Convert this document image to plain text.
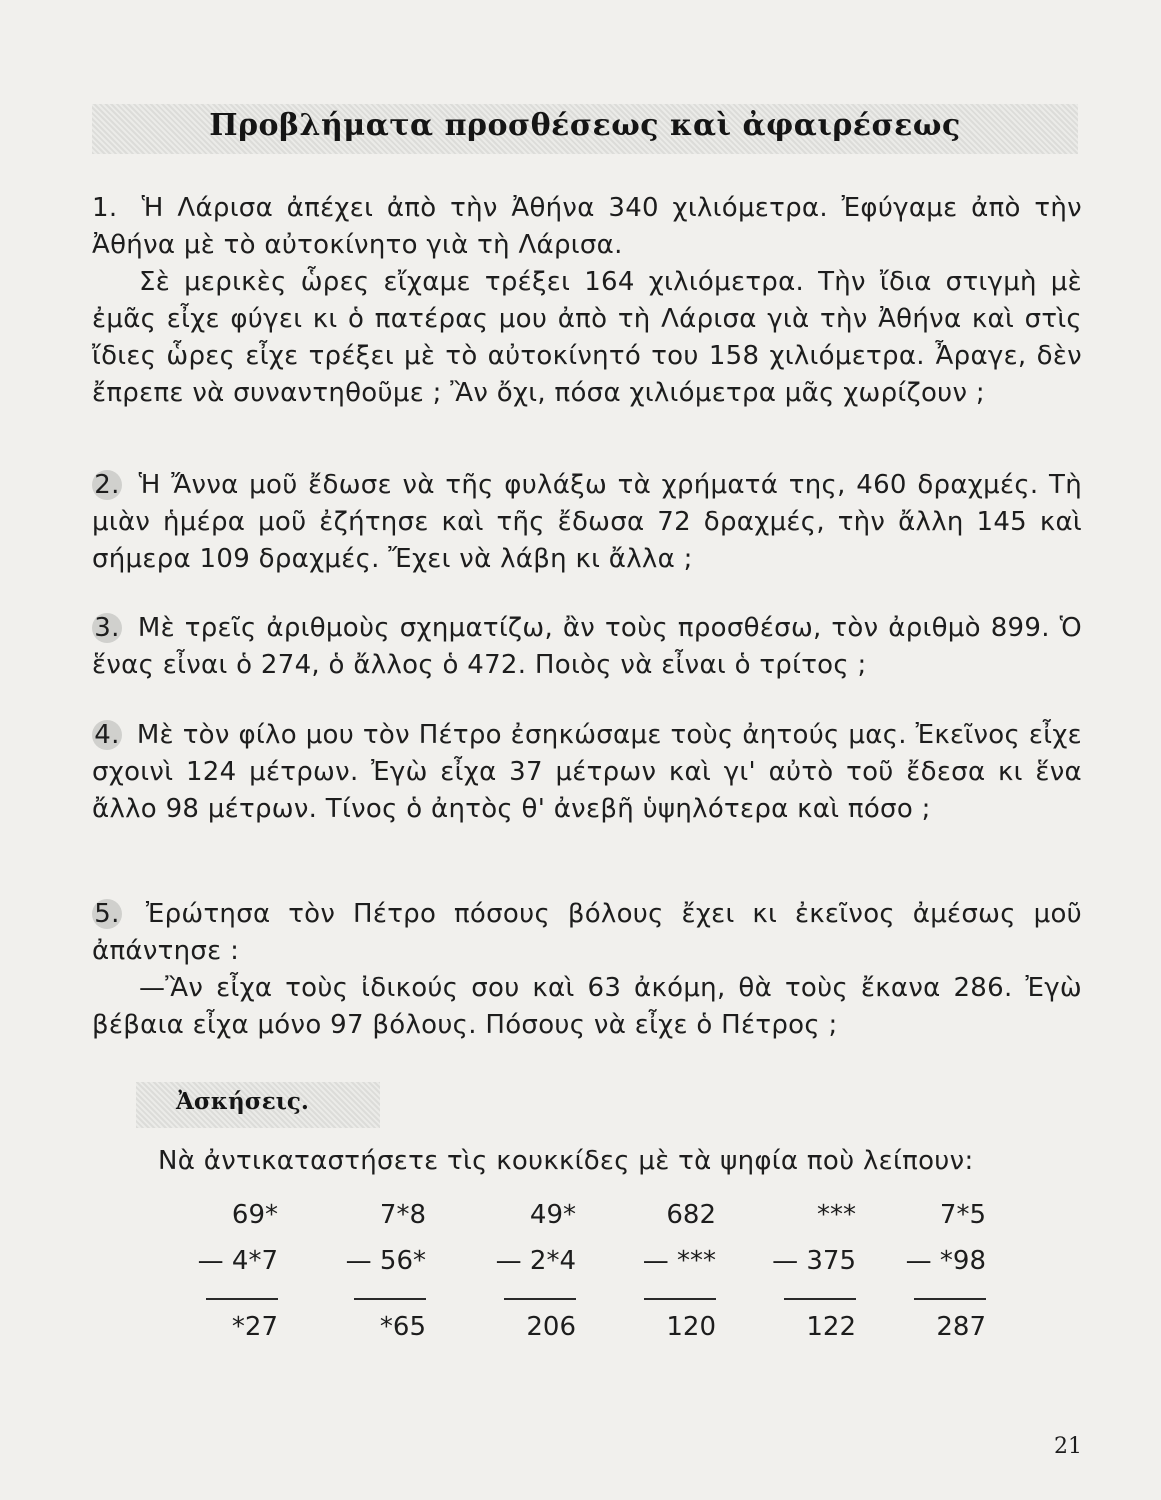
Προβλήματα προσθέσεως καὶ ἀφαιρέσεως

1. Ἡ Λάρισα ἀπέχει ἀπὸ τὴν Ἀθήνα 340 χιλιόμετρα. Ἐφύγαμε ἀπὸ τὴν Ἀθήνα μὲ τὸ αὐτοκίνητο γιὰ τὴ Λάρισα.

Σὲ μερικὲς ὧρες εἴχαμε τρέξει 164 χιλιόμετρα. Τὴν ἴδια στιγμὴ μὲ ἐμᾶς εἶχε φύγει κι ὁ πατέρας μου ἀπὸ τὴ Λάρισα γιὰ τὴν Ἀθήνα καὶ στὶς ἴδιες ὧρες εἶχε τρέξει μὲ τὸ αὐτοκίνητό του 158 χιλιόμετρα. Ἆραγε, δὲν ἔπρεπε νὰ συναντηθοῦμε ; Ἂν ὄχι, πόσα χιλιόμετρα μᾶς χωρίζουν ;

2. Ἡ Ἄννα μοῦ ἔδωσε νὰ τῆς φυλάξω τὰ χρήματά της, 460 δραχμές. Τὴ μιὰν ἡμέρα μοῦ ἐζήτησε καὶ τῆς ἔδωσα 72 δραχμές, τὴν ἄλλη 145 καὶ σήμερα 109 δραχμές. Ἔχει νὰ λάβη κι ἄλλα ;

3. Μὲ τρεῖς ἀριθμοὺς σχηματίζω, ἂν τοὺς προσθέσω, τὸν ἀριθμὸ 899. Ὁ ἕνας εἶναι ὁ 274, ὁ ἄλλος ὁ 472. Ποιὸς νὰ εἶναι ὁ τρίτος ;

4. Μὲ τὸν φίλο μου τὸν Πέτρο ἐσηκώσαμε τοὺς ἀητούς μας. Ἐκεῖνος εἶχε σχοινὶ 124 μέτρων. Ἐγὼ εἶχα 37 μέτρων καὶ γι' αὐτὸ τοῦ ἔδεσα κι ἕνα ἄλλο 98 μέτρων. Τίνος ὁ ἀητὸς θ' ἀνεβῆ ὑψηλότερα καὶ πόσο ;

5. Ἐρώτησα τὸν Πέτρο πόσους βόλους ἔχει κι ἐκεῖνος ἀμέσως μοῦ ἀπάντησε :

—Ἂν εἶχα τοὺς ἰδικούς σου καὶ 63 ἀκόμη, θὰ τοὺς ἔκανα 286. Ἐγὼ βέβαια εἶχα μόνο 97 βόλους. Πόσους νὰ εἶχε ὁ Πέτρος ;

Ἀσκήσεις.
Νὰ ἀντικαταστήσετε τὶς κουκκίδες μὲ τὰ ψηφία ποὺ λείπουν:
69*
— 4*7
*27
7*8
— 56*
*65
49*
— 2*4
206
682
— ***
120
***
— 375
122
7*5
— *98
287
21
